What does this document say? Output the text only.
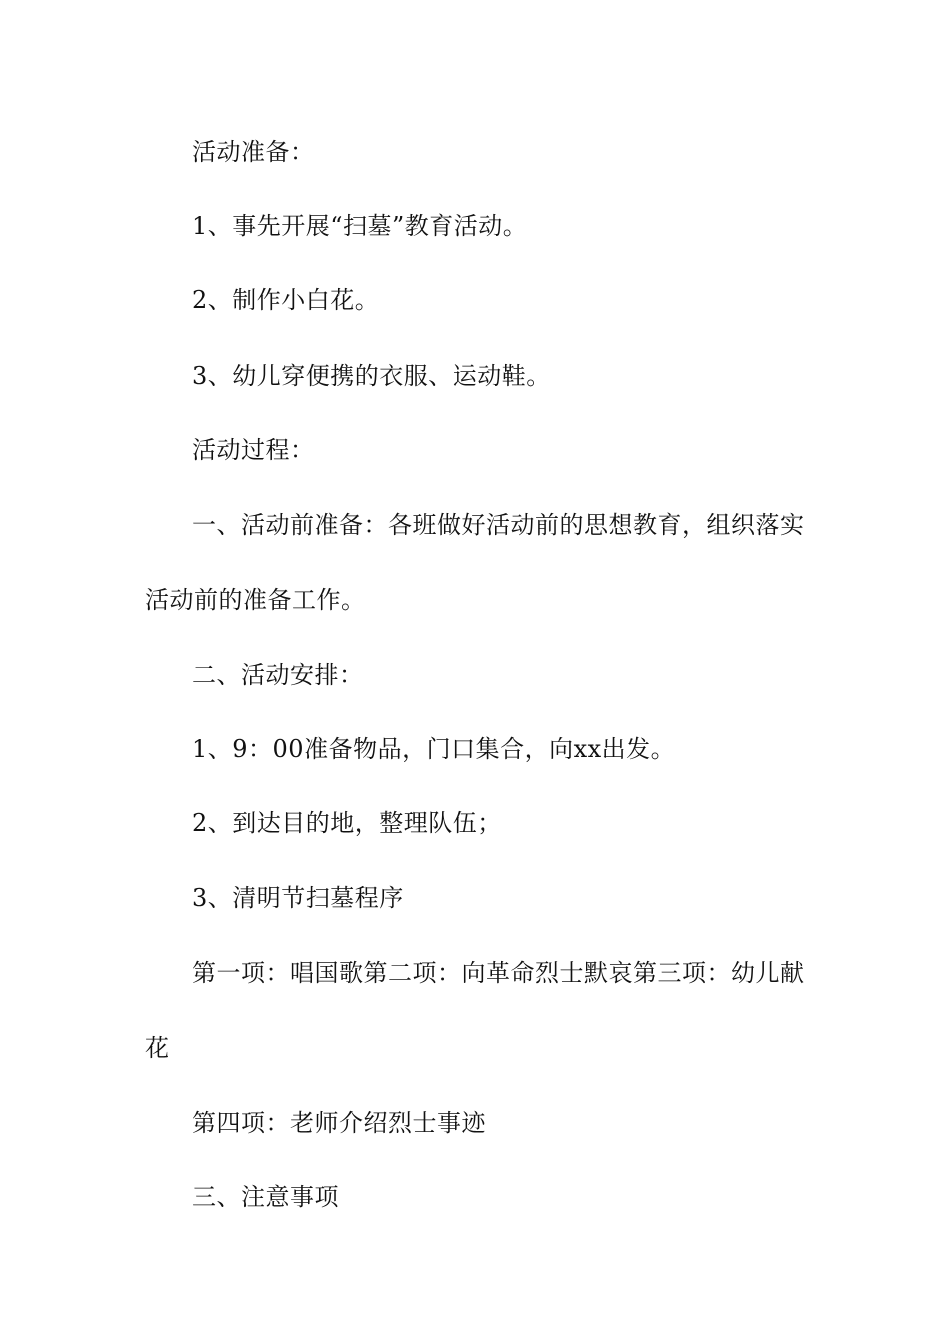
活动准备：
1、事先开展“扫墓”教育活动。
2、制作小白花。
3、幼儿穿便携的衣服、运动鞋。
活动过程：
一、活动前准备：各班做好活动前的思想教育，组织落实
活动前的准备工作。
二、活动安排：
1、9：00准备物品，门口集合，向xx出发。
2、到达目的地，整理队伍；
3、清明节扫墓程序
第一项：唱国歌第二项：向革命烈士默哀第三项：幼儿献
花
第四项：老师介绍烈士事迹
三、注意事项
